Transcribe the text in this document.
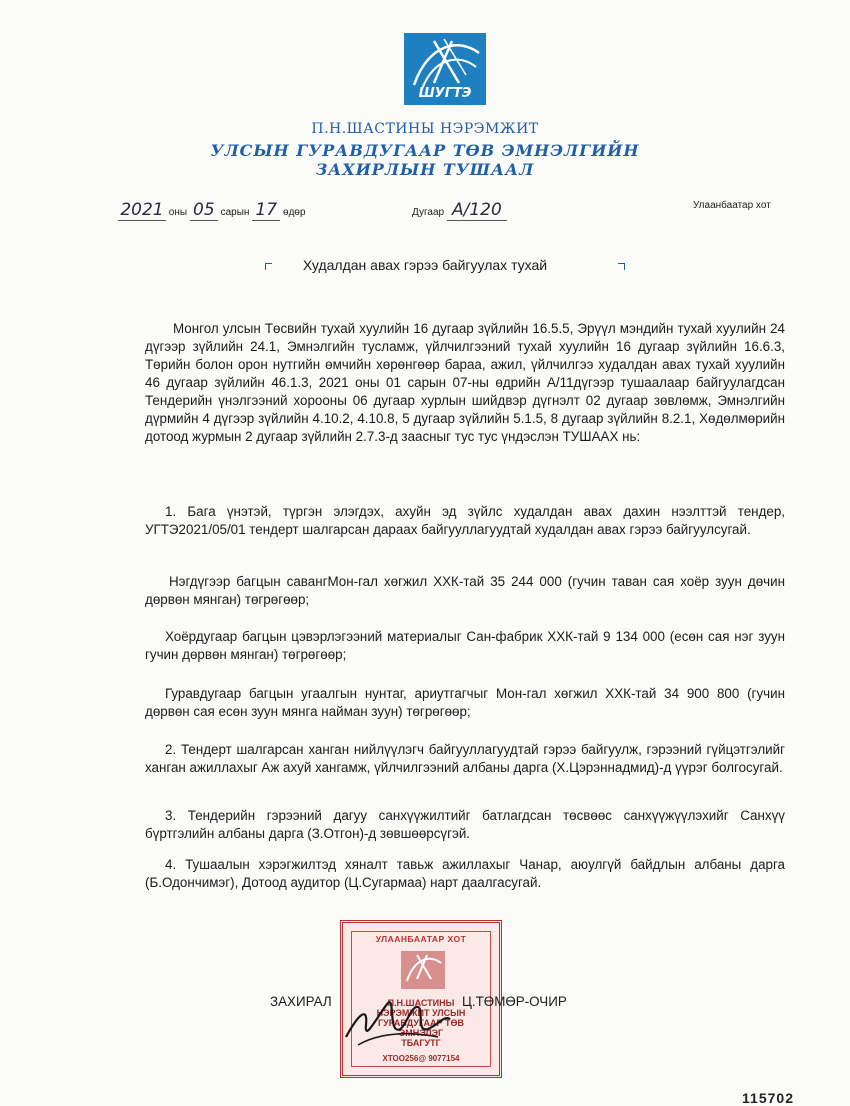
ШУГТЭ
П.Н.ШАСТИНЫ НЭРЭМЖИТ
УЛСЫН ГУРАВДУГААР ТӨВ ЭМНЭЛГИЙН
ЗАХИРЛЫН ТУШААЛ
2021 оны 05 сарын 17 өдөр	Дугаар А/120	Улаанбаатар хот
Худалдан авах гэрээ байгуулах тухай
Монгол улсын Төсвийн тухай хуулийн 16 дугаар зүйлийн 16.5.5, Эрүүл мэндийн тухай хуулийн 24 дүгээр зүйлийн 24.1, Эмнэлгийн тусламж, үйлчилгээний тухай хуулийн 16 дугаар зүйлийн 16.6.3, Төрийн болон орон нутгийн өмчийн хөрөнгөөр бараа, ажил, үйлчилгээ худалдан авах тухай хуулийн 46 дугаар зүйлийн 46.1.3, 2021 оны 01 сарын 07-ны өдрийн А/11дүгээр тушаалаар байгуулагдсан Тендерийн үнэлгээний хорооны 06 дугаар хурлын шийдвэр дүгнэлт 02 дугаар зөвлөмж, Эмнэлгийн дүрмийн 4 дүгээр зүйлийн 4.10.2, 4.10.8, 5 дугаар зүйлийн 5.1.5, 8 дугаар зүйлийн 8.2.1, Хөдөлмөрийн дотоод журмын 2 дугаар зүйлийн 2.7.3-д заасныг тус тус үндэслэн ТУШААХ нь:
1. Бага үнэтэй, түргэн элэгдэх, ахуйн эд зүйлс худалдан авах дахин нээлттэй тендер, УГТЭ2021/05/01 тендерт шалгарсан дараах байгууллагуудтай худалдан авах гэрээ байгуулсугай.
Нэгдүгээр багцын савангМон-гал хөгжил ХХК-тай 35 244 000 (гучин таван сая хоёр зуун дөчин дөрвөн мянган) төгрөгөөр;
Хоёрдугаар багцын цэвэрлэгээний материалыг Сан-фабрик ХХК-тай 9 134 000 (есөн сая нэг зуун гучин дөрвөн мянган) төгрөгөөр;
Гуравдугаар багцын угаалгын нунтаг, ариутгагчыг Мон-гал хөгжил ХХК-тай 34 900 800 (гучин дөрвөн сая есөн зуун мянга найман зуун) төгрөгөөр;
2. Тендерт шалгарсан ханган нийлүүлэгч байгууллагуудтай гэрээ байгуулж, гэрээний гүйцэтгэлийг ханган ажиллахыг Аж ахуй хангамж, үйлчилгээний албаны дарга (Х.Цэрэннадмид)-д үүрэг болгосугай.
3. Тендерийн гэрээний дагуу санхүүжилтийг батлагдсан төсвөөс санхүүжүүлэхийг Санхүү бүртгэлийн албаны дарга (З.Отгон)-д зөвшөөрсүгэй.
4. Тушаалын хэрэгжилтэд хяналт тавьж ажиллахыг Чанар, аюулгүй байдлын албаны дарга (Б.Одончимэг), Дотоод аудитор (Ц.Сугармаа) нарт даалгасугай.
УЛААНБААТАР ХОТ
П.Н.ШАСТИНЫ
НЭРЭМЖИТ УЛСЫН
ГУРАВДУГААР ТӨВ
ЭМНЭЛЭГ
ТБАГУТГ
ХТОО256@ 9077154
ЗАХИРАЛ	Ц.ТӨМӨР-ОЧИР
115702
